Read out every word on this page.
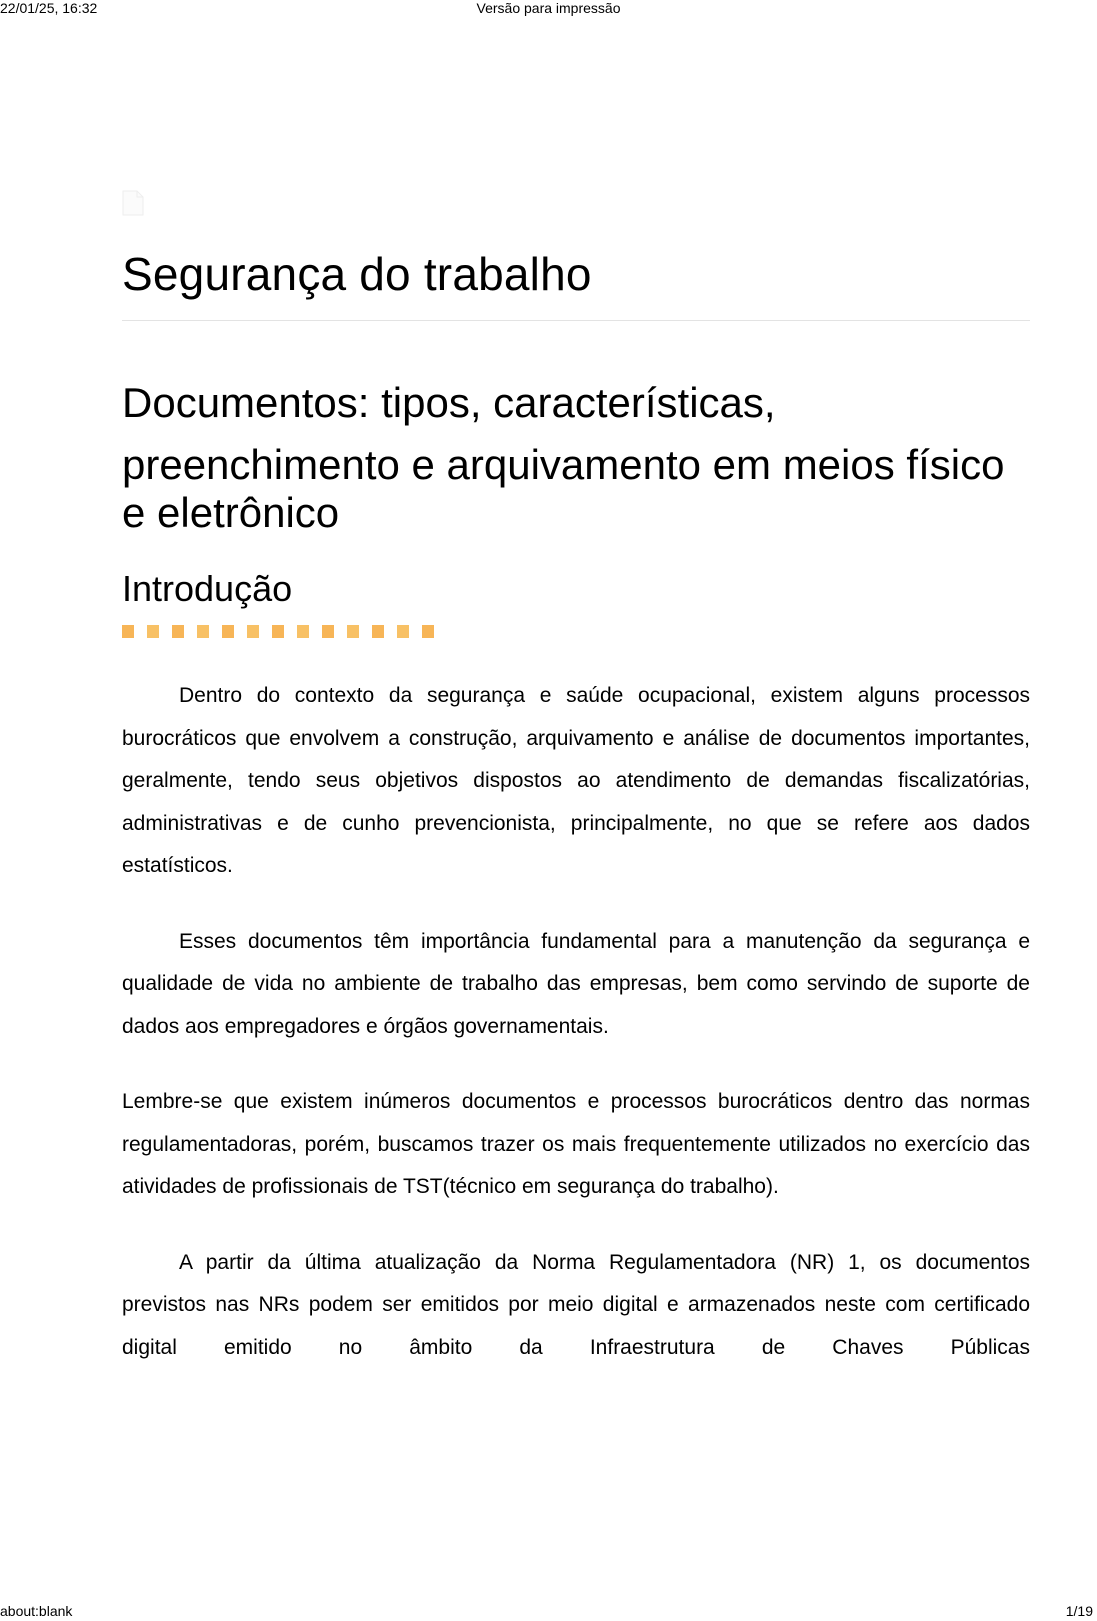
22/01/25, 16:32	Versão para impressão
Segurança do trabalho
Documentos: tipos, características,
preenchimento e arquivamento em meios físico e eletrônico
Introdução

Dentro do contexto da segurança e saúde ocupacional, existem alguns processos burocráticos que envolvem a construção, arquivamento e análise de documentos importantes, geralmente, tendo seus objetivos dispostos ao atendimento de demandas fiscalizatórias, administrativas e de cunho prevencionista, principalmente, no que se refere aos dados estatísticos.

Esses documentos têm importância fundamental para a manutenção da segurança e qualidade de vida no ambiente de trabalho das empresas, bem como servindo de suporte de dados aos empregadores e órgãos governamentais.

Lembre-se que existem inúmeros documentos e processos burocráticos dentro das normas regulamentadoras, porém, buscamos trazer os mais frequentemente utilizados no exercício das atividades de profissionais de TST(técnico em segurança do trabalho).

A partir da última atualização da Norma Regulamentadora (NR) 1, os documentos previstos nas NRs podem ser emitidos por meio digital e armazenados neste com certificado digital emitido no âmbito da Infraestrutura de Chaves Públicas

about:blank	1/19
